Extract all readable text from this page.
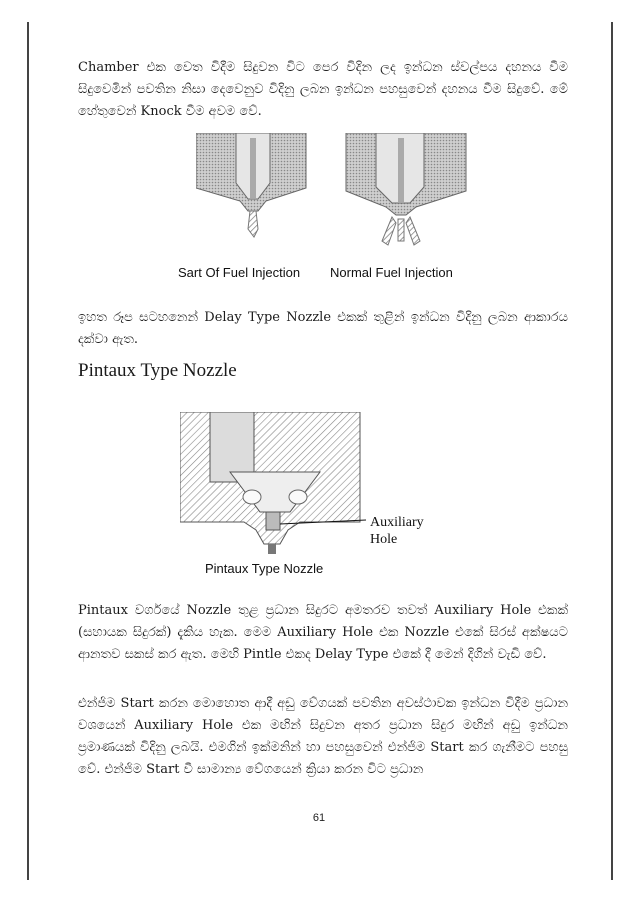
Chamber එක වෙත විදීම සිදුවන විට පෙර විදින ලද ඉන්ධන ස්වල්පය දහනය වීම සිදුවෙමින් පවතින නිසා දෙවෙනුව විදිනු ලබන ඉන්ධන පහසුවෙන් දහනය වීම සිදුවේ. මේ හේතුවෙන් Knock වීම අවම වේ.

Sart Of Fuel Injection Normal Fuel Injection

ඉහත රූප සටහනෙන් Delay Type Nozzle එකක් තුළින් ඉන්ධන විදිනු ලබන ආකාරය දක්වා ඇත.

Pintaux Type Nozzle
Auxiliary Hole
Pintaux Type Nozzle

Pintaux වර්ගයේ Nozzle තුළ ප්‍රධාන සිදුරට අමතරව තවත් Auxiliary Hole එකක් (සහායක සිදුරක්) දැකිය හැක. මෙම Auxiliary Hole එක Nozzle එකේ සිරස් අක්ෂයට ආනතව සකස් කර ඇත. මෙහි Pintle එකද Delay Type එකේ දී මෙන් දිගින් වැඩි වේ.

එන්ජිම Start කරන මොහොත ආදී අඩු වේගයක් පවතින අවස්ථාවක ඉන්ධන විදීම ප්‍රධාන වශයෙන් Auxiliary Hole එක මඟින් සිදුවන අතර ප්‍රධාන සිදුර මඟින් අඩු ඉන්ධන ප්‍රමාණයක් විදිනු ලබයි. එමගින් ඉක්මනින් හා පහසුවෙන් එන්ජිම Start කර ගැනීමට පහසු වේ. එන්ජිම Start වී සාමාන්‍ය වේගයෙන් ක්‍රියා කරන විට ප්‍රධාන

61
